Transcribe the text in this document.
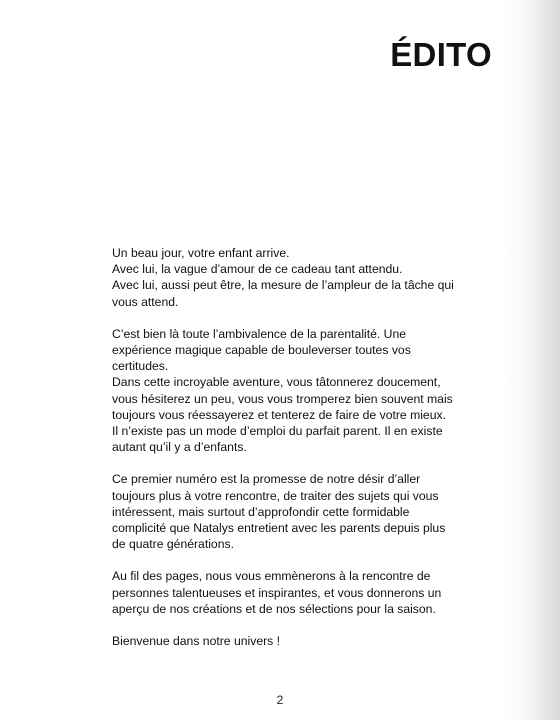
ÉDITO

Un beau jour, votre enfant arrive.
Avec lui, la vague d’amour de ce cadeau tant attendu.
Avec lui, aussi peut être, la mesure de l’ampleur de la tâche qui
vous attend.

C’est bien là toute l’ambivalence de la parentalité. Une
expérience magique capable de bouleverser toutes vos
certitudes.
Dans cette incroyable aventure, vous tâtonnerez doucement,
vous hésiterez un peu, vous vous tromperez bien souvent mais
toujours vous réessayerez et tenterez de faire de votre mieux.
Il n’existe pas un mode d’emploi du parfait parent. Il en existe
autant qu’il y a d’enfants.

Ce premier numéro est la promesse de notre désir d’aller
toujours plus à votre rencontre, de traiter des sujets qui vous
intéressent, mais surtout d’approfondir cette formidable
complicité que Natalys entretient avec les parents depuis plus
de quatre générations.

Au fil des pages, nous vous emmènerons à la rencontre de
personnes talentueuses et inspirantes, et vous donnerons un
aperçu de nos créations et de nos sélections pour la saison.

Bienvenue dans notre univers !

2
